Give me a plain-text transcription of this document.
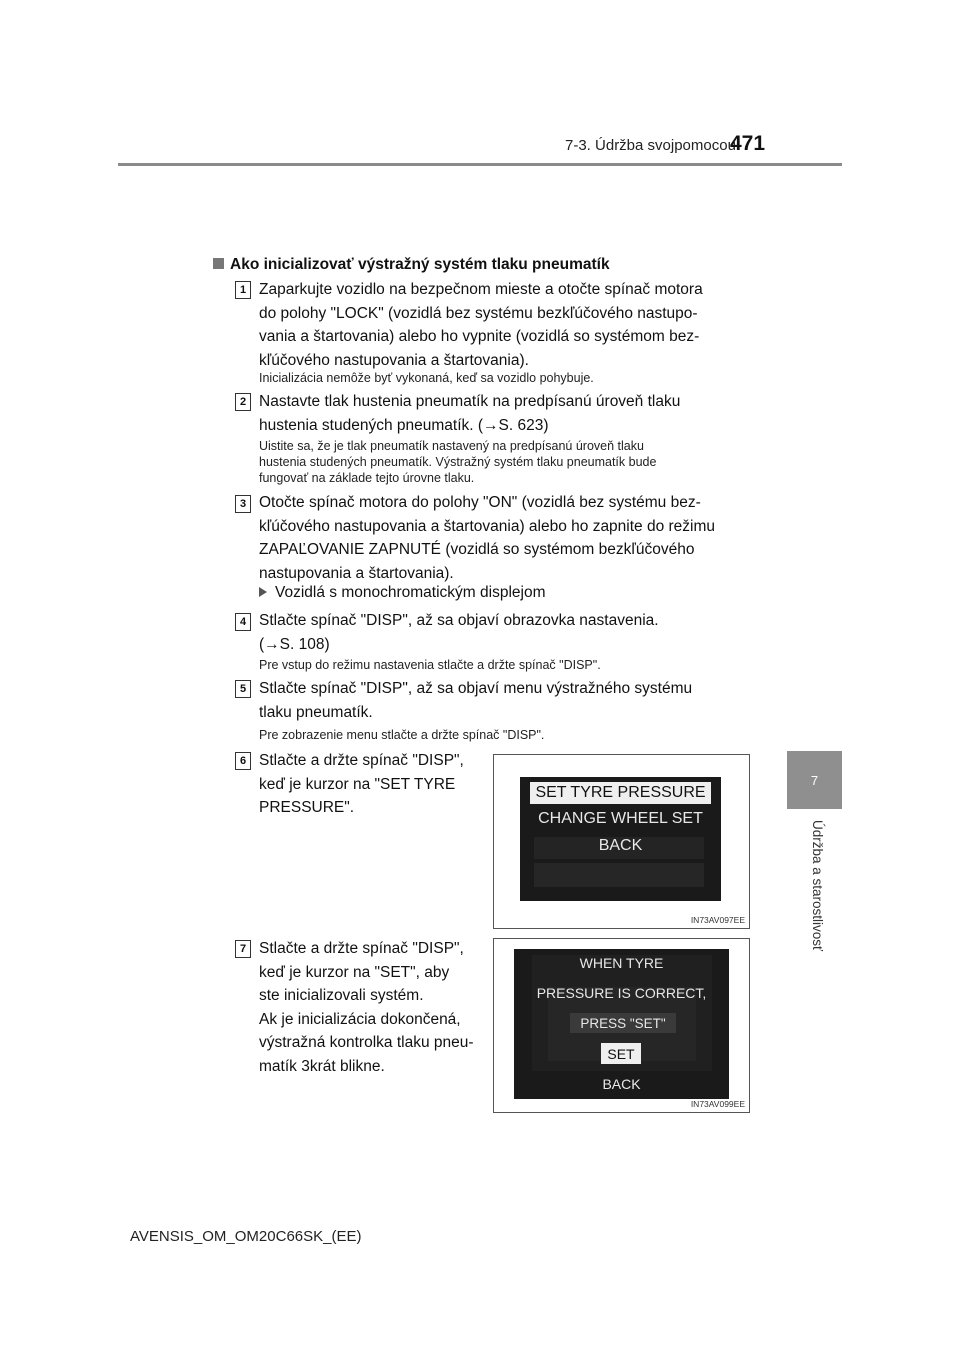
7-3. Údržba svojpomocou
471
7
Údržba a starostlivosť
Ako inicializovať výstražný systém tlaku pneumatík
1 Zaparkujte vozidlo na bezpečnom mieste a otočte spínač motora
do polohy "LOCK" (vozidlá bez systému bezkľúčového nastupo-
vania a štartovania) alebo ho vypnite (vozidlá so systémom bez-
kľúčového nastupovania a štartovania).
Inicializácia nemôže byť vykonaná, keď sa vozidlo pohybuje.
2 Nastavte tlak hustenia pneumatík na predpísanú úroveň tlaku
hustenia studených pneumatík. (→S. 623)
Uistite sa, že je tlak pneumatík nastavený na predpísanú úroveň tlaku
hustenia studených pneumatík. Výstražný systém tlaku pneumatík bude
fungovať na základe tejto úrovne tlaku.
3 Otočte spínač motora do polohy "ON" (vozidlá bez systému bez-
kľúčového nastupovania a štartovania) alebo ho zapnite do režimu
ZAPAĽOVANIE ZAPNUTÉ (vozidlá so systémom bezkľúčového
nastupovania a štartovania).
Vozidlá s monochromatickým displejom
4 Stlačte spínač "DISP", až sa objaví obrazovka nastavenia.
(→S. 108)
Pre vstup do režimu nastavenia stlačte a držte spínač "DISP".
5 Stlačte spínač "DISP", až sa objaví menu výstražného systému
tlaku pneumatík.
Pre zobrazenie menu stlačte a držte spínač "DISP".
6 Stlačte a držte spínač "DISP",
keď je kurzor na "SET TYRE
PRESSURE".
SET TYRE PRESSURE
CHANGE WHEEL SET
BACK
IN73AV097EE
7 Stlačte a držte spínač "DISP",
keď je kurzor na "SET", aby
ste inicializovali systém.
Ak je inicializácia dokončená,
výstražná kontrolka tlaku pneu-
matík 3krát blikne.
WHEN TYRE
PRESSURE IS CORRECT,
PRESS "SET"
SET
BACK
IN73AV099EE
AVENSIS_OM_OM20C66SK_(EE)
